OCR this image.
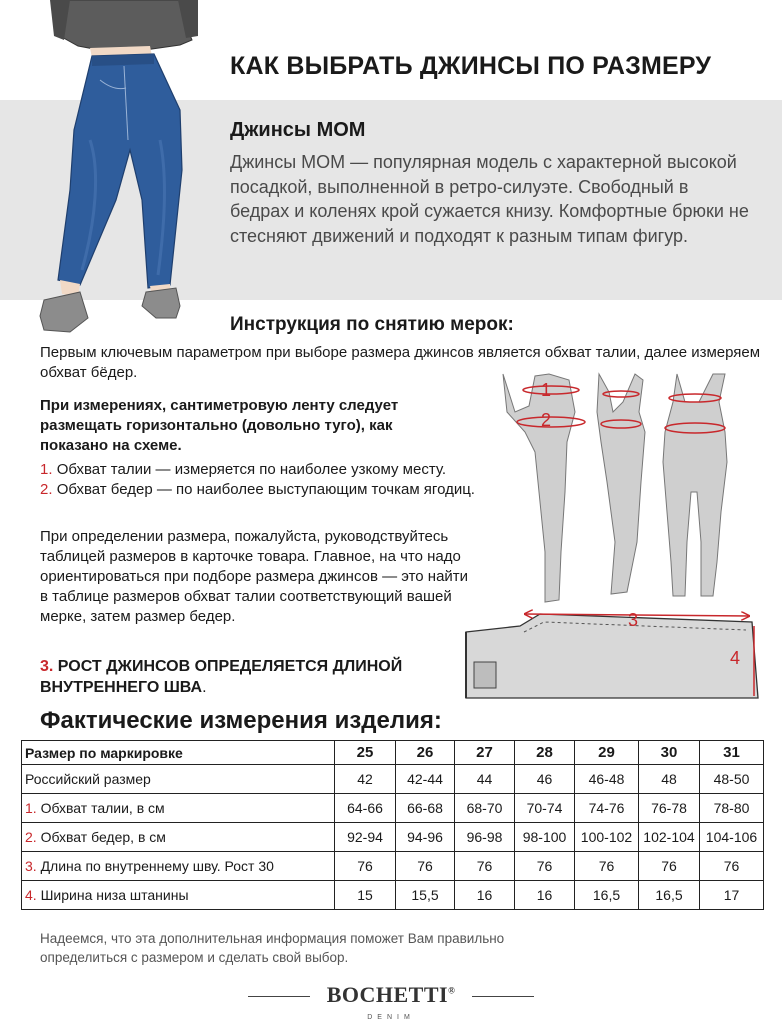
КАК ВЫБРАТЬ ДЖИНСЫ ПО РАЗМЕРУ
Джинсы MOM
Джинсы MOM — популярная модель с характерной высокой посадкой, выполненной в ретро-силуэте. Свободный в бедрах и коленях крой сужается книзу. Комфортные брюки не стесняют движений и подходят к разным типам фигур.
Инструкция по снятию мерок:
Первым ключевым параметром при выборе размера джинсов является обхват талии, далее измеряем обхват бёдер.
При измерениях, сантиметровую ленту следует размещать горизонтально (довольно туго), как показано на схеме.
1. Обхват талии — измеряется по наиболее узкому месту.
2. Обхват бедер — по наиболее выступающим точкам ягодиц.
При определении размера, пожалуйста, руководствуйтесь таблицей размеров в карточке товара. Главное, на что надо ориентироваться при подборе размера джинсов — это найти в таблице размеров обхват талии соответствующий вашей мерке, затем размер бедер.
3. РОСТ ДЖИНСОВ ОПРЕДЕЛЯЕТСЯ ДЛИНОЙ ВНУТРЕННЕГО ШВА.
1
2
3
4
Фактические измерения изделия:
Размер по маркировке	25	26	27	28	29	30	31
Российский размер	42	42-44	44	46	46-48	48	48-50
1. Обхват талии, в см	64-66	66-68	68-70	70-74	74-76	76-78	78-80
2. Обхват бедер, в см	92-94	94-96	96-98	98-100	100-102	102-104	104-106
3. Длина по внутреннему шву. Рост 30	76	76	76	76	76	76	76
4. Ширина низа штанины	15	15,5	16	16	16,5	16,5	17
Надеемся, что эта дополнительная информация поможет Вам правильно определиться с размером и сделать свой выбор.
BOCHETTI®
DENIM
